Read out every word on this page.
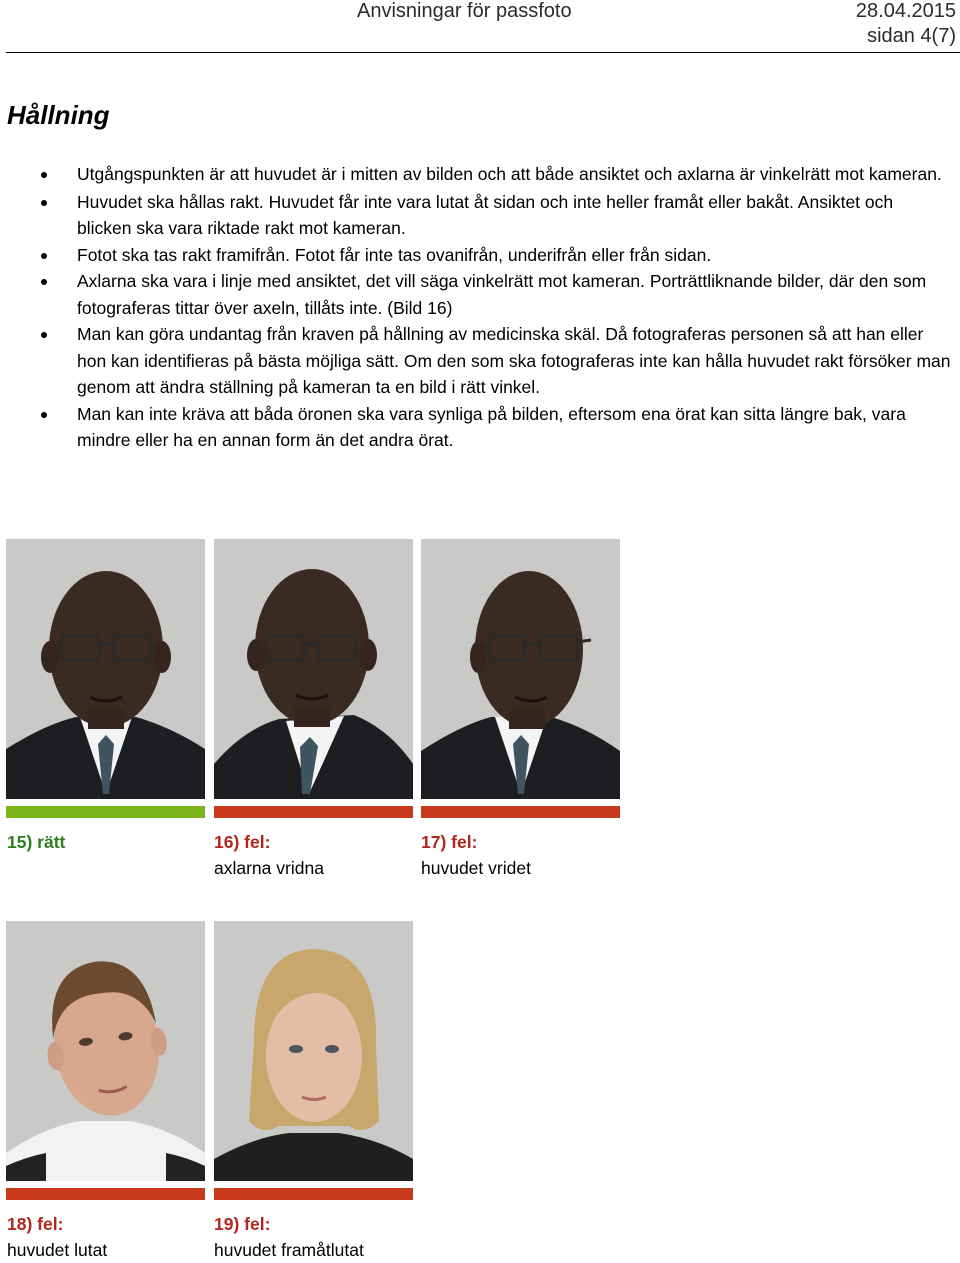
Anvisningar för passfoto	28.04.2015
sidan 4(7)
Hållning
Utgångspunkten är att huvudet är i mitten av bilden och att både ansiktet och axlarna är vinkelrätt mot kameran.
Huvudet ska hållas rakt. Huvudet får inte vara lutat åt sidan och inte heller framåt eller bakåt. Ansiktet och blicken ska vara riktade rakt mot kameran.
Fotot ska tas rakt framifrån. Fotot får inte tas ovanifrån, underifrån eller från sidan.
Axlarna ska vara i linje med ansiktet, det vill säga vinkelrätt mot kameran. Porträttliknande bilder, där den som fotograferas tittar över axeln, tillåts inte. (Bild 16)
Man kan göra undantag från kraven på hållning av medicinska skäl. Då fotograferas personen så att han eller hon kan identifieras på bästa möjliga sätt. Om den som ska fotograferas inte kan hålla huvudet rakt försöker man genom att ändra ställning på kameran ta en bild i rätt vinkel.
Man kan inte kräva att båda öronen ska vara synliga på bilden, eftersom ena örat kan sitta längre bak, vara mindre eller ha en annan form än det andra örat.
15) rätt	16) fel:
axlarna vridna
17) fel:
huvudet vridet
18) fel:
huvudet lutat
19) fel:
huvudet framåtlutat
